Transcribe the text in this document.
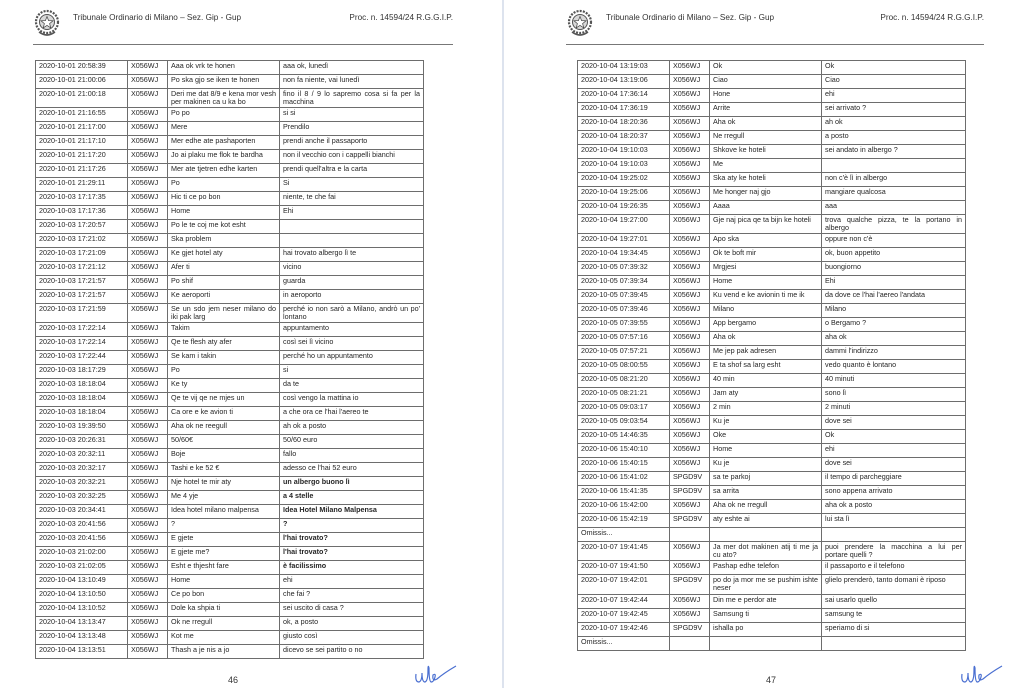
Tribunale Ordinario di Milano – Sez. Gip - Gup	Proc. n. 14594/24 R.G.G.I.P.
2020-10-01 20:58:39	X056WJ	Aaa ok vrk te honen	aaa ok, lunedì
2020-10-01 21:00:06	X056WJ	Po ska gjo se iken te honen	non fa niente, vai lunedì
2020-10-01 21:00:18	X056WJ	Deri me dat 8/9 e kena mor vesh per makinen ca u ka bo	fino il 8 / 9 lo sapremo cosa si fa per la macchina
2020-10-01 21:16:55	X056WJ	Po po	si si
2020-10-01 21:17:00	X056WJ	Mere	Prendilo
2020-10-01 21:17:10	X056WJ	Mer edhe ate pashaporten	prendi anche il passaporto
2020-10-01 21:17:20	X056WJ	Jo ai plaku me flok te bardha	non il vecchio con i cappelli bianchi
2020-10-01 21:17:26	X056WJ	Mer ate tjetren edhe karten	prendi quell'altra e la carta
2020-10-01 21:29:11	X056WJ	Po	Si
2020-10-03 17:17:35	X056WJ	Hic ti ce po bon	niente, te che fai
2020-10-03 17:17:36	X056WJ	Home	Ehi
2020-10-03 17:20:57	X056WJ	Po le te coj me kot esht	
2020-10-03 17:21:02	X056WJ	Ska problem	
2020-10-03 17:21:09	X056WJ	Ke gjet hotel aty	hai trovato albergo lì te
2020-10-03 17:21:12	X056WJ	Afer ti	vicino
2020-10-03 17:21:57	X056WJ	Po shif	guarda
2020-10-03 17:21:57	X056WJ	Ke aeroporti	in aeroporto
2020-10-03 17:21:59	X056WJ	Se un sdo jem neser milano do iki pak larg	perché io non sarò a Milano, andrò un po' lontano
2020-10-03 17:22:14	X056WJ	Takim	appuntamento
2020-10-03 17:22:14	X056WJ	Qe te flesh aty afer	così sei lì vicino
2020-10-03 17:22:44	X056WJ	Se kam i takin	perché ho un appuntamento
2020-10-03 18:17:29	X056WJ	Po	si
2020-10-03 18:18:04	X056WJ	Ke ty	da te
2020-10-03 18:18:04	X056WJ	Qe te vij qe ne mjes un	così vengo la mattina io
2020-10-03 18:18:04	X056WJ	Ca ore e ke avion ti	a che ora ce l'hai l'aereo te
2020-10-03 19:39:50	X056WJ	Aha ok ne reegull	ah ok a posto
2020-10-03 20:26:31	X056WJ	50/60€	50/60 euro
2020-10-03 20:32:11	X056WJ	Boje	fallo
2020-10-03 20:32:17	X056WJ	Tashi e ke 52 €	adesso ce l'hai 52 euro
2020-10-03 20:32:21	X056WJ	Nje hotel te mir aty	un albergo buono lì
2020-10-03 20:32:25	X056WJ	Me 4 yje	a 4 stelle
2020-10-03 20:34:41	X056WJ	Idea hotel milano malpensa	Idea Hotel Milano Malpensa
2020-10-03 20:41:56	X056WJ	?	?
2020-10-03 20:41:56	X056WJ	E gjete	l'hai trovato?
2020-10-03 21:02:00	X056WJ	E gjete me?	l'hai trovato?
2020-10-03 21:02:05	X056WJ	Esht e thjesht fare	è facilissimo
2020-10-04 13:10:49	X056WJ	Home	ehi
2020-10-04 13:10:50	X056WJ	Ce po bon	che fai ?
2020-10-04 13:10:52	X056WJ	Dole ka shpia ti	sei uscito di casa ?
2020-10-04 13:13:47	X056WJ	Ok ne rregull	ok, a posto
2020-10-04 13:13:48	X056WJ	Kot me	giusto così
2020-10-04 13:13:51	X056WJ	Thash a je nis a jo	dicevo se sei partito o no
46
Tribunale Ordinario di Milano – Sez. Gip - Gup	Proc. n. 14594/24 R.G.G.I.P.
2020-10-04 13:19:03	X056WJ	Ok	Ok
2020-10-04 13:19:06	X056WJ	Ciao	Ciao
2020-10-04 17:36:14	X056WJ	Hone	ehi
2020-10-04 17:36:19	X056WJ	Arrite	sei arrivato ?
2020-10-04 18:20:36	X056WJ	Aha ok	ah ok
2020-10-04 18:20:37	X056WJ	Ne rregull	a posto
2020-10-04 19:10:03	X056WJ	Shkove ke hoteli	sei andato in albergo ?
2020-10-04 19:10:03	X056WJ	Me	
2020-10-04 19:25:02	X056WJ	Ska aty ke hoteli	non c'è lì in albergo
2020-10-04 19:25:06	X056WJ	Me honger naj gjo	mangiare qualcosa
2020-10-04 19:26:35	X056WJ	Aaaa	aaa
2020-10-04 19:27:00	X056WJ	Gje naj pica qe ta bijn ke hoteli	trova qualche pizza, te la portano in albergo
2020-10-04 19:27:01	X056WJ	Apo ska	oppure non c'è
2020-10-04 19:34:45	X056WJ	Ok te boft mir	ok, buon appetito
2020-10-05 07:39:32	X056WJ	Mrgjesi	buongiorno
2020-10-05 07:39:34	X056WJ	Home	Ehi
2020-10-05 07:39:45	X056WJ	Ku vend e ke avionin ti me ik	da dove ce l'hai l'aereo l'andata
2020-10-05 07:39:46	X056WJ	Milano	Milano
2020-10-05 07:39:55	X056WJ	App bergamo	o Bergamo ?
2020-10-05 07:57:16	X056WJ	Aha ok	aha ok
2020-10-05 07:57:21	X056WJ	Me jep pak adresen	dammi l'indirizzo
2020-10-05 08:00:55	X056WJ	E ta shof sa larg esht	vedo quanto è lontano
2020-10-05 08:21:20	X056WJ	40 min	40 minuti
2020-10-05 08:21:21	X056WJ	Jam aty	sono lì
2020-10-05 09:03:17	X056WJ	2 min	2 minuti
2020-10-05 09:03:54	X056WJ	Ku je	dove sei
2020-10-05 14:46:35	X056WJ	Oke	Ok
2020-10-06 15:40:10	X056WJ	Home	ehi
2020-10-06 15:40:15	X056WJ	Ku je	dove sei
2020-10-06 15:41:02	SPGD9V	sa te parkoj	il tempo di parcheggiare
2020-10-06 15:41:35	SPGD9V	sa arrita	sono appena arrivato
2020-10-06 15:42:00	X056WJ	Aha ok ne rregull	aha ok a posto
2020-10-06 15:42:19	SPGD9V	aty eshte ai	lui sta lì
Omissis...			
2020-10-07 19:41:45	X056WJ	Ja mer dot makinen atij ti me ja cu ato?	puoi prendere la macchina a lui per portare quelli ?
2020-10-07 19:41:50	X056WJ	Pashap edhe telefon	il passaporto e il telefono
2020-10-07 19:42:01	SPGD9V	po do ja mor me se pushim ishte neser	glielo prenderò, tanto domani è riposo
2020-10-07 19:42:44	X056WJ	Din me e perdor ate	sai usarlo quello
2020-10-07 19:42:45	X056WJ	Samsung ti	samsung te
2020-10-07 19:42:46	SPGD9V	ishalla po	speriamo di si
Omissis...			
47
